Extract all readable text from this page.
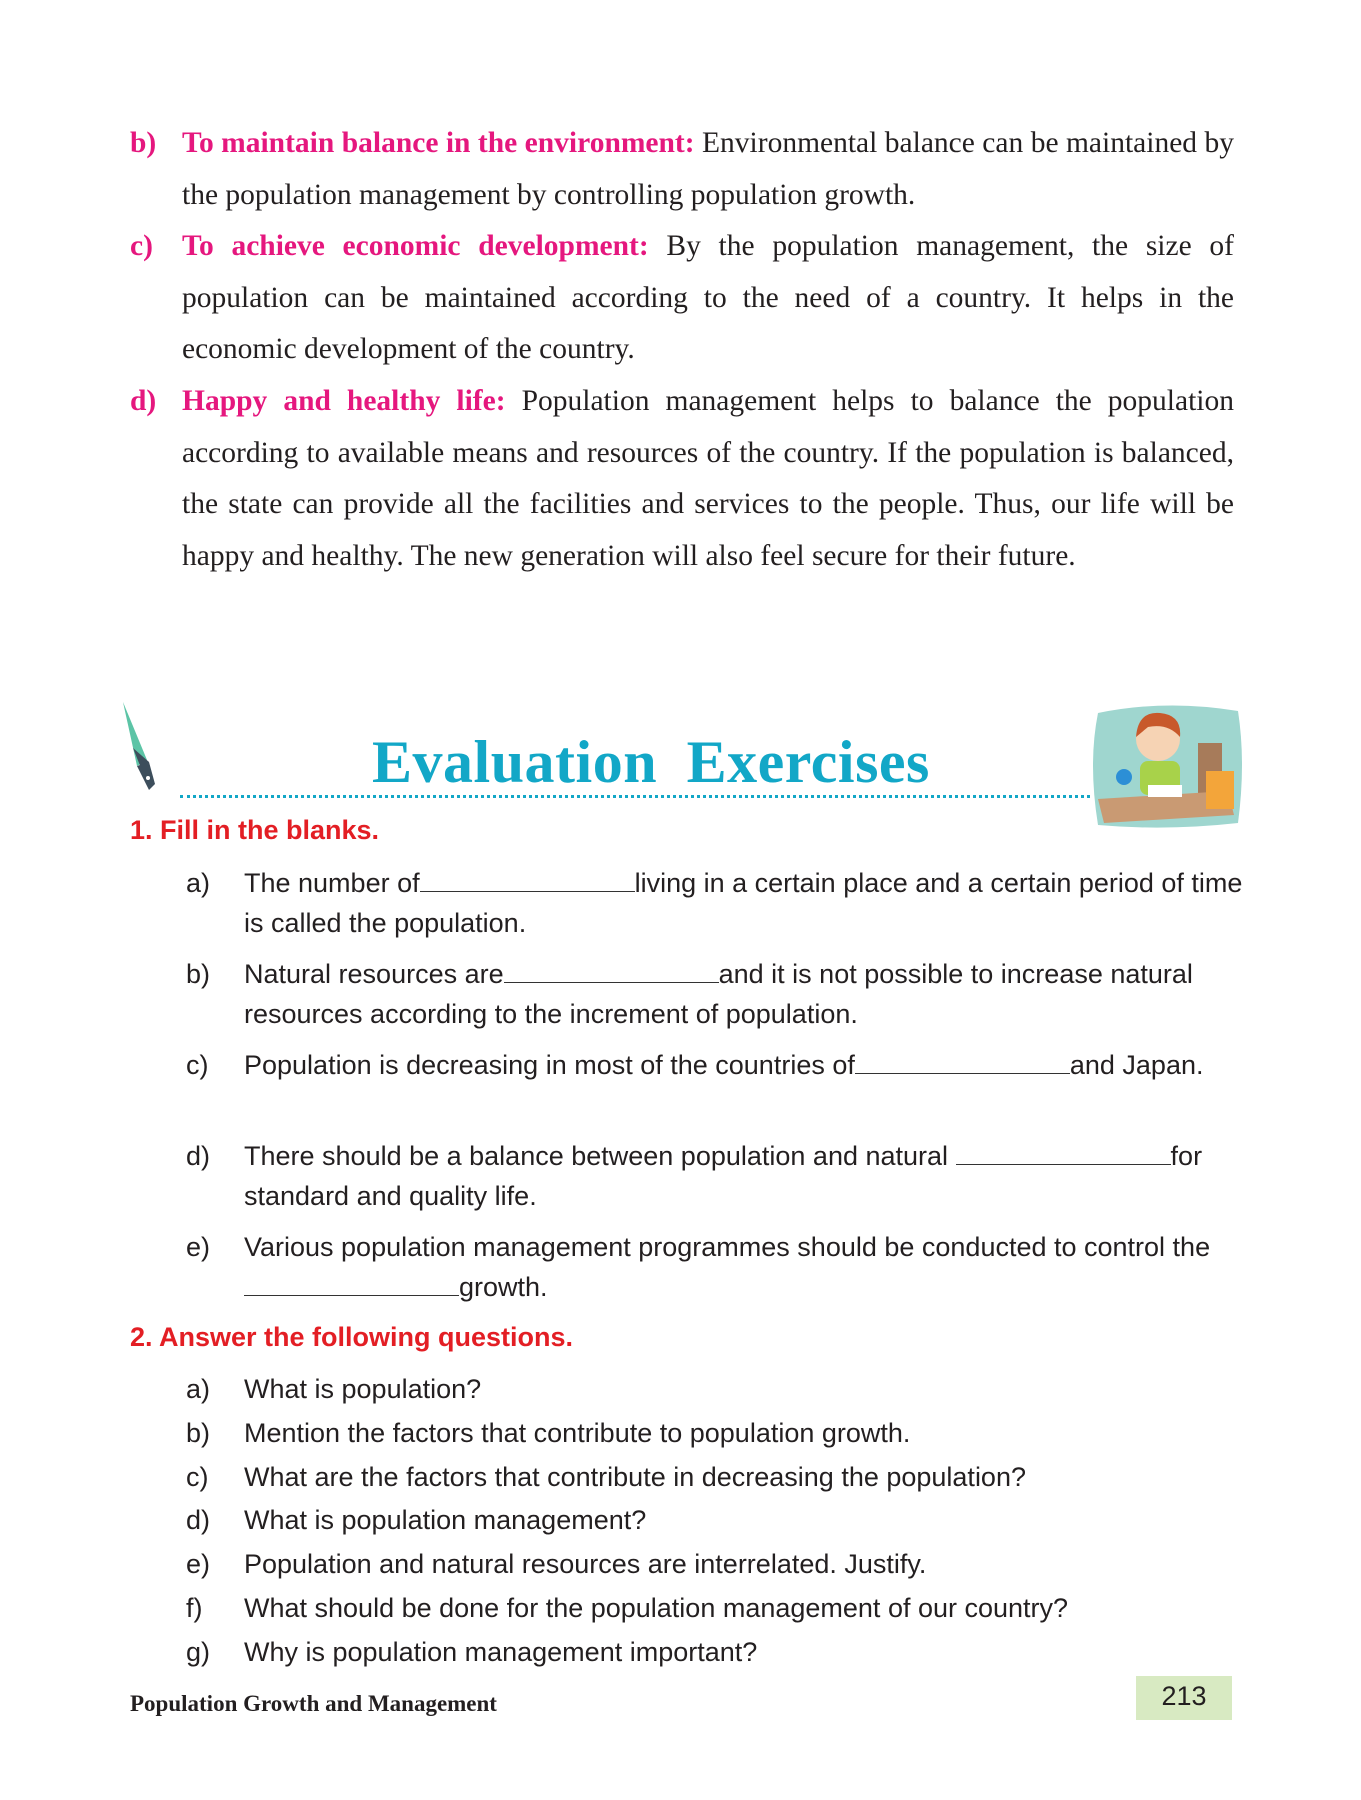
b) To maintain balance in the environment: Environmental balance can be maintained by the population management by controlling population growth.
c) To achieve economic development: By the population management, the size of population can be maintained according to the need of a country. It helps in the economic development of the country.
d) Happy and healthy life: Population management helps to balance the population according to available means and resources of the country. If the population is balanced, the state can provide all the facilities and services to the people. Thus, our life will be happy and healthy. The new generation will also feel secure for their future.
Evaluation Exercises
1. Fill in the blanks.
a) The number of	living in a certain place and a certain period of time is called the population.
b) Natural resources are	and it is not possible to increase natural resources according to the increment of population.
c) Population is decreasing in most of the countries of	and Japan.
d) There should be a balance between population and natural	for standard and quality life.
e) Various population management programmes should be conducted to control thegrowth.
2. Answer the following questions.
a) What is population?
b) Mention the factors that contribute to population growth.
c) What are the factors that contribute in decreasing the population?
d) What is population management?
e) Population and natural resources are interrelated. Justify.
f) What should be done for the population management of our country?
g) Why is population management important?
Population Growth and Management	213
